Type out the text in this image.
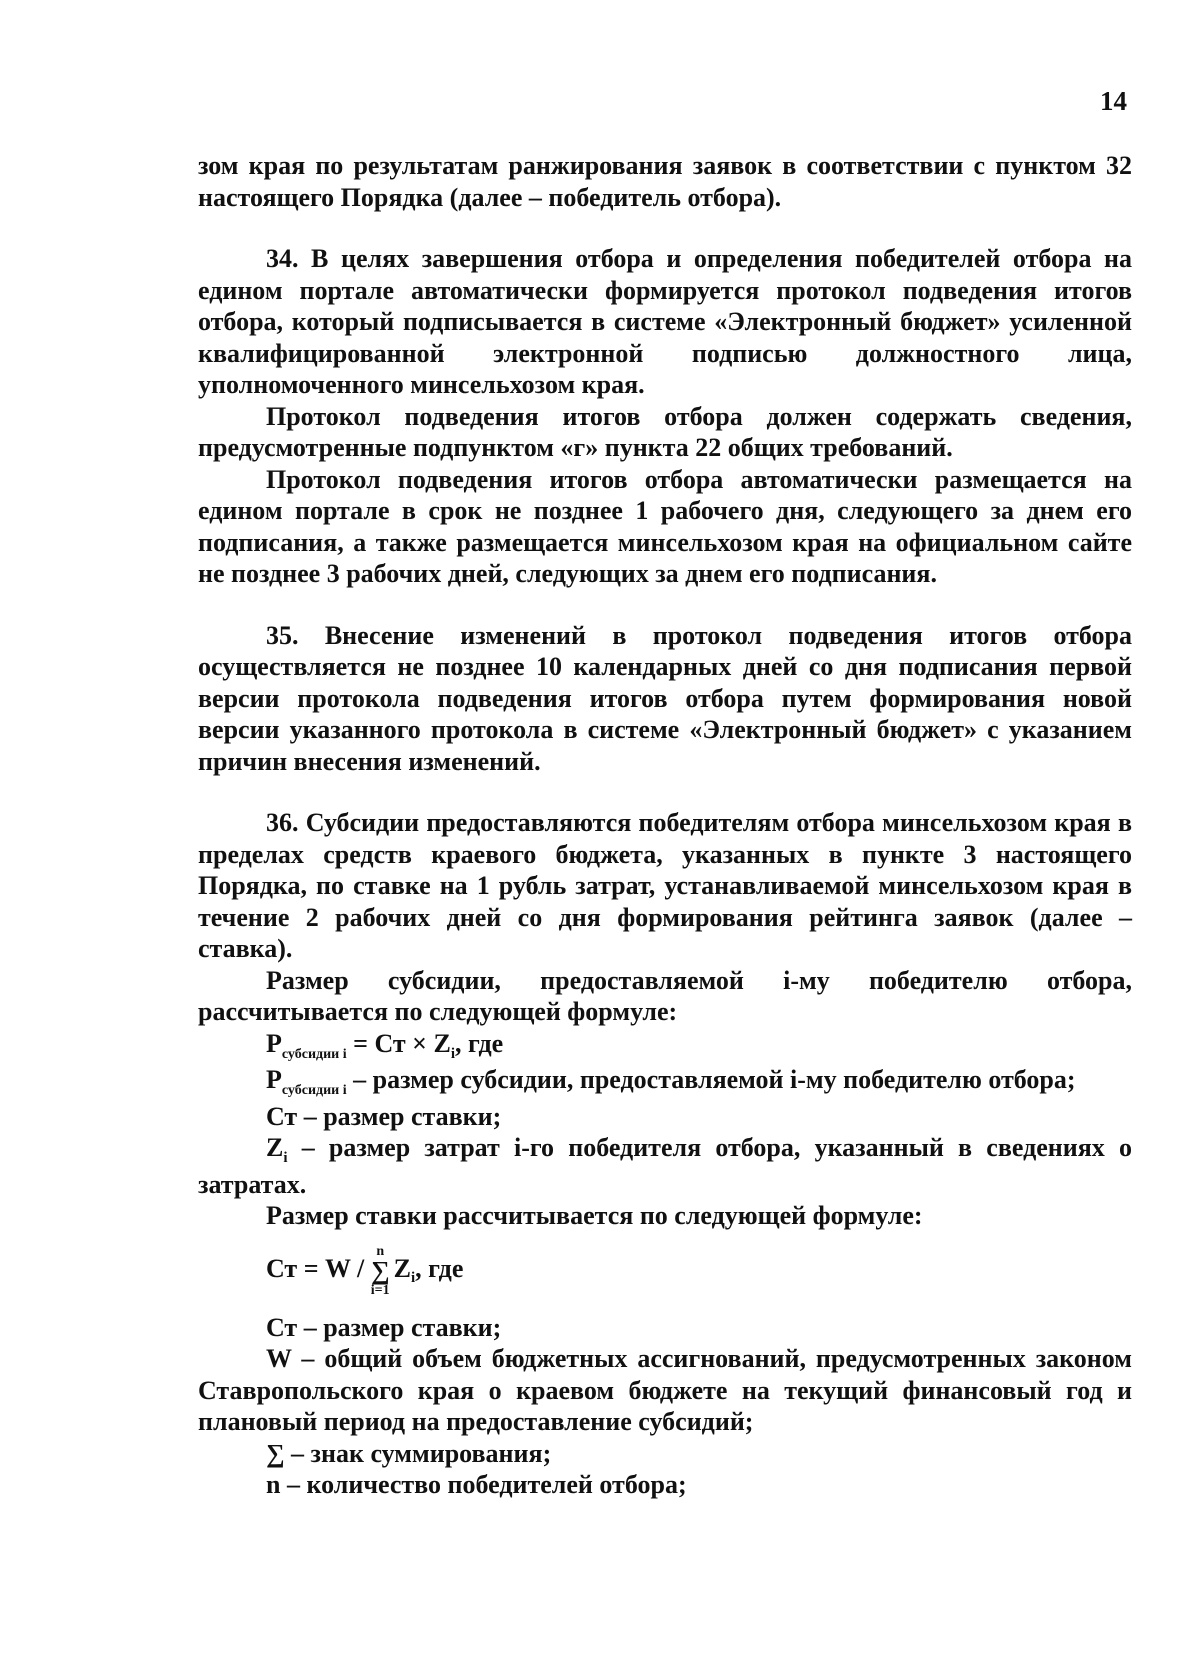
14

зом края по результатам ранжирования заявок в соответствии с пунктом 32 настоящего Порядка (далее – победитель отбора).

34. В целях завершения отбора и определения победителей отбора на едином портале автоматически формируется протокол подведения итогов отбора, который подписывается в системе «Электронный бюджет» усиленной квалифицированной электронной подписью должностного лица, уполномоченного минсельхозом края.

Протокол подведения итогов отбора должен содержать сведения, предусмотренные подпунктом «г» пункта 22 общих требований.

Протокол подведения итогов отбора автоматически размещается на едином портале в срок не позднее 1 рабочего дня, следующего за днем его подписания, а также размещается минсельхозом края на официальном сайте не позднее 3 рабочих дней, следующих за днем его подписания.

35. Внесение изменений в протокол подведения итогов отбора осуществляется не позднее 10 календарных дней со дня подписания первой версии протокола подведения итогов отбора путем формирования новой версии указанного протокола в системе «Электронный бюджет» с указанием причин внесения изменений.

36. Субсидии предоставляются победителям отбора минсельхозом края в пределах средств краевого бюджета, указанных в пункте 3 настоящего Порядка, по ставке на 1 рубль затрат, устанавливаемой минсельхозом края в течение 2 рабочих дней со дня формирования рейтинга заявок (далее – ставка).

Размер субсидии, предоставляемой i-му победителю отбора, рассчитывается по следующей формуле:

$P_{субсидии i}$ = Ст × $Z_i$, где

$P_{субсидии i}$ – размер субсидии, предоставляемой i-му победителю отбора;

Ст – размер ставки;

$Z_i$ – размер затрат i-го победителя отбора, указанный в сведениях о затратах.

Размер ставки рассчитывается по следующей формуле:

Ст = W /
n
∑
i=1
$Z_i$, где

Ст – размер ставки;

W – общий объем бюджетных ассигнований, предусмотренных законом Ставропольского края о краевом бюджете на текущий финансовый год и плановый период на предоставление субсидий;

∑ – знак суммирования;

n – количество победителей отбора;
